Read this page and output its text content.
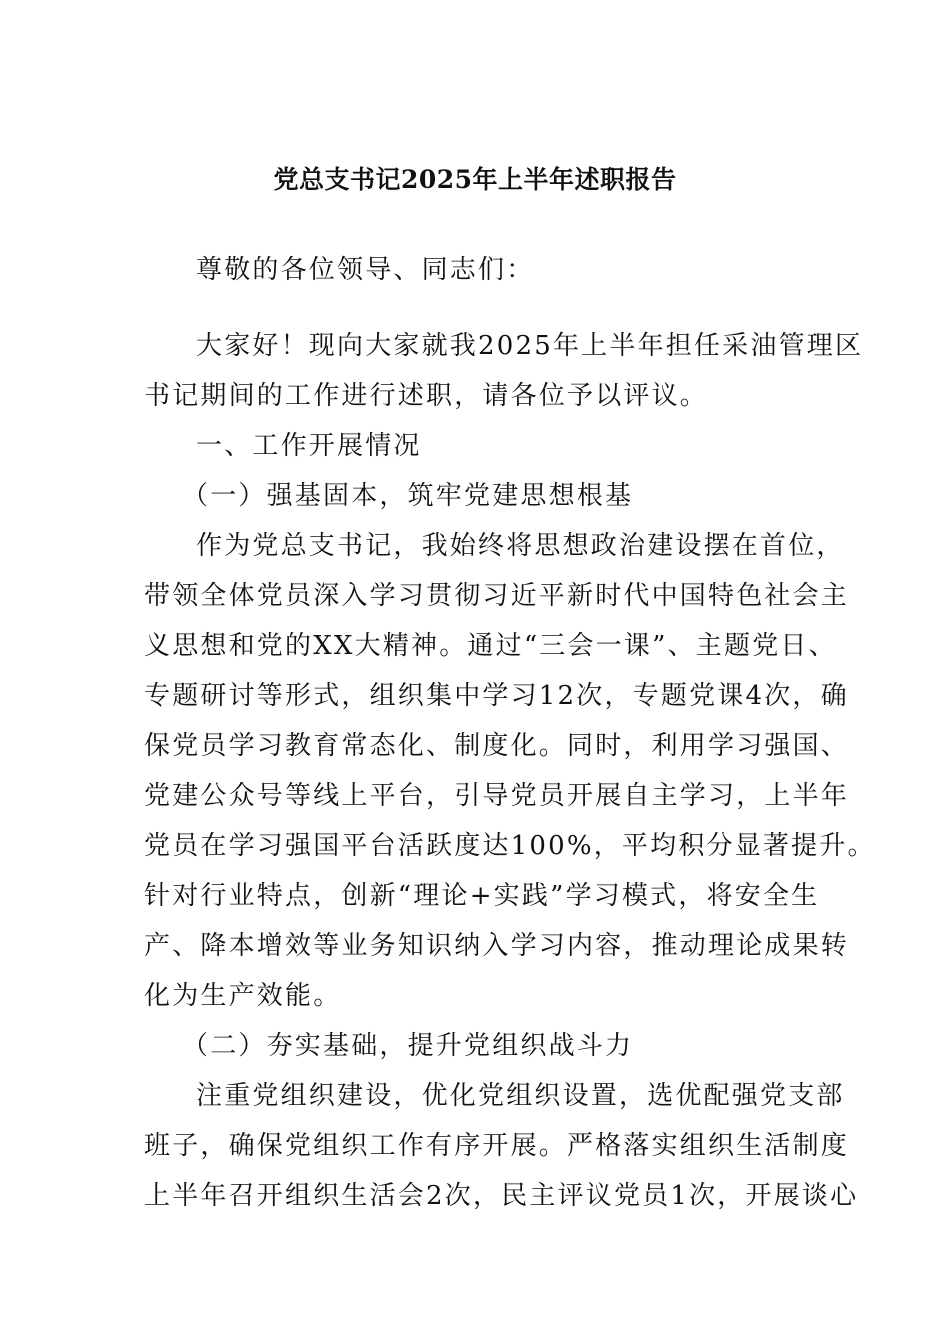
党总支书记2025年上半年述职报告
尊敬的各位领导、同志们：
大家好！现向大家就我2025年上半年担任采油管理区
书记期间的工作进行述职，请各位予以评议。
一、工作开展情况
（一）强基固本，筑牢党建思想根基
作为党总支书记，我始终将思想政治建设摆在首位，
带领全体党员深入学习贯彻习近平新时代中国特色社会主
义思想和党的XX大精神。通过“三会一课”、主题党日、
专题研讨等形式，组织集中学习12次，专题党课4次，确
保党员学习教育常态化、制度化。同时，利用学习强国、
党建公众号等线上平台，引导党员开展自主学习，上半年
党员在学习强国平台活跃度达100%，平均积分显著提升。
针对行业特点，创新“理论+实践”学习模式，将安全生
产、降本增效等业务知识纳入学习内容，推动理论成果转
化为生产效能。
（二）夯实基础，提升党组织战斗力
注重党组织建设，优化党组织设置，选优配强党支部
班子，确保党组织工作有序开展。严格落实组织生活制度
上半年召开组织生活会2次，民主评议党员1次，开展谈心
